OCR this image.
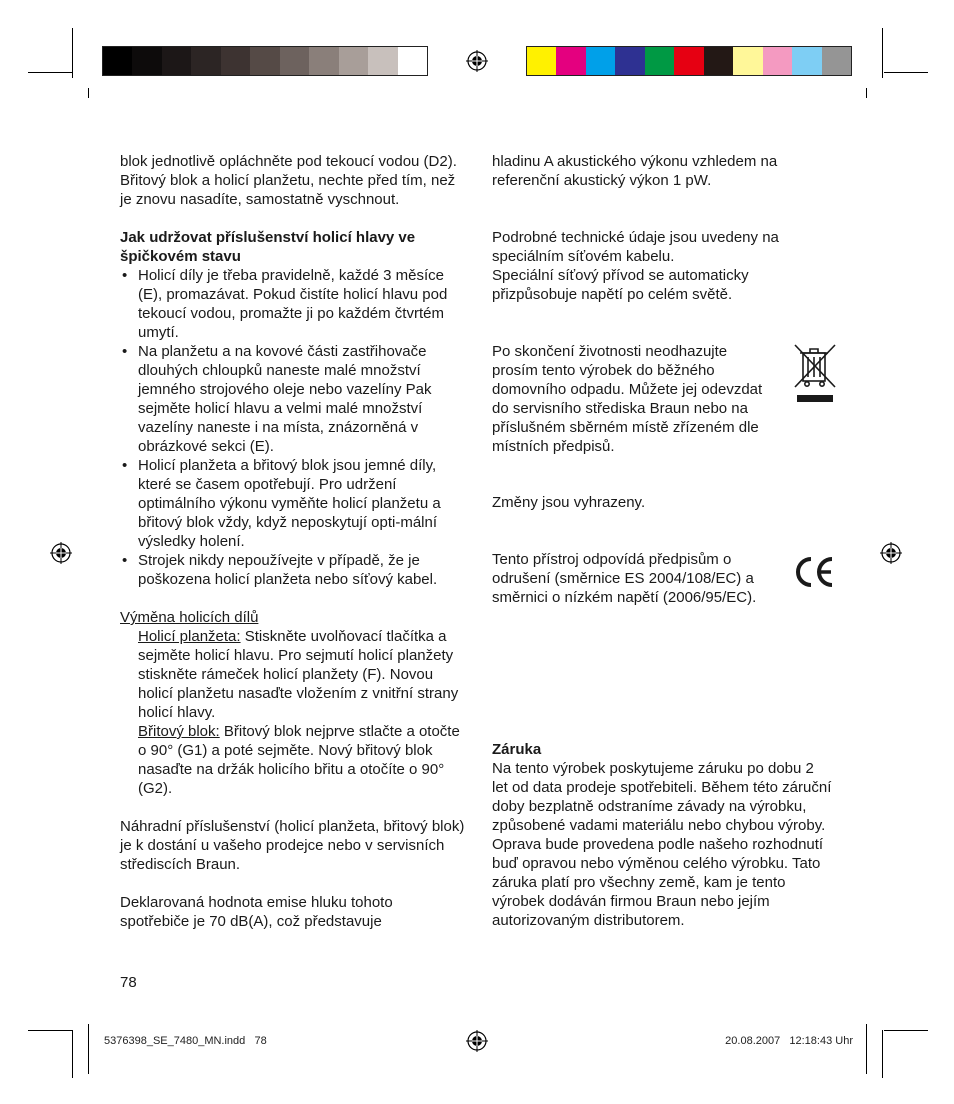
blok jednotlivě opláchněte pod tekoucí vodou (D2). Břitový blok a holicí planžetu, nechte před tím, než je znovu nasadíte, samostatně vyschnout.

Jak udržovat příslušenství holicí hlavy ve špičkovém stavu

• Holicí díly je třeba pravidelně, každé 3 měsíce (E), promazávat. Pokud čistíte holicí hlavu pod tekoucí vodou, promažte ji po každém čtvrtém umytí.
• Na planžetu a na kovové části zastřihovače dlouhých chloupků naneste malé množství jemného strojového oleje nebo vazelíny Pak sejměte holicí hlavu a velmi malé množství vazelíny naneste i na místa, znázorněná v obrázkové sekci (E).
• Holicí planžeta a břitový blok jsou jemné díly, které se časem opotřebují. Pro udržení optimálního výkonu vyměňte holicí planžetu a břitový blok vždy, když neposkytují opti-mální výsledky holení.
• Strojek nikdy nepoužívejte v případě, že je poškozena holicí planžeta nebo síťový kabel.

Výměna holicích dílů

Holicí planžeta: Stiskněte uvolňovací tlačítka a sejměte holicí hlavu. Pro sejmutí holicí planžety stiskněte rámeček holicí planžety (F). Novou holicí planžetu nasaďte vložením z vnitřní strany holicí hlavy.

Břitový blok: Břitový blok nejprve stlačte a otočte o 90° (G1) a poté sejměte. Nový břitový blok nasaďte na držák holicího břitu a otočíte o 90° (G2).

Náhradní příslušenství (holicí planžeta, břitový blok) je k dostání u vašeho prodejce nebo v servisních střediscích Braun.

Deklarovaná hodnota emise hluku tohoto spotřebiče je 70 dB(A), což představuje

78
hladinu A akustického výkonu vzhledem na referenční akustický výkon 1 pW.

Podrobné technické údaje jsou uvedeny na speciálním síťovém kabelu.

Speciální síťový přívod se automaticky přizpůsobuje napětí po celém světě.

Po skončení životnosti neodhazujte prosím tento výrobek do běžného domovního odpadu. Můžete jej odevzdat do servisního střediska Braun nebo na příslušném sběrném místě zřízeném dle místních předpisů.
Změny jsou vyhrazeny.
Tento přístroj odpovídá předpisům o odrušení (směrnice ES 2004/108/EC) a směrnici o nízkém napětí (2006/95/EC).

Záruka

Na tento výrobek poskytujeme záruku po dobu 2 let od data prodeje spotřebiteli. Během této záruční doby bezplatně odstraníme závady na výrobku, způsobené vadami materiálu nebo chybou výroby. Oprava bude provedena podle našeho rozhodnutí buď opravou nebo výměnou celého výrobku. Tato záruka platí pro všechny země, kam je tento výrobek dodáván firmou Braun nebo jejím autorizovaným distributorem.

5376398_SE_7480_MN.indd   78	20.08.2007   12:18:43 Uhr
